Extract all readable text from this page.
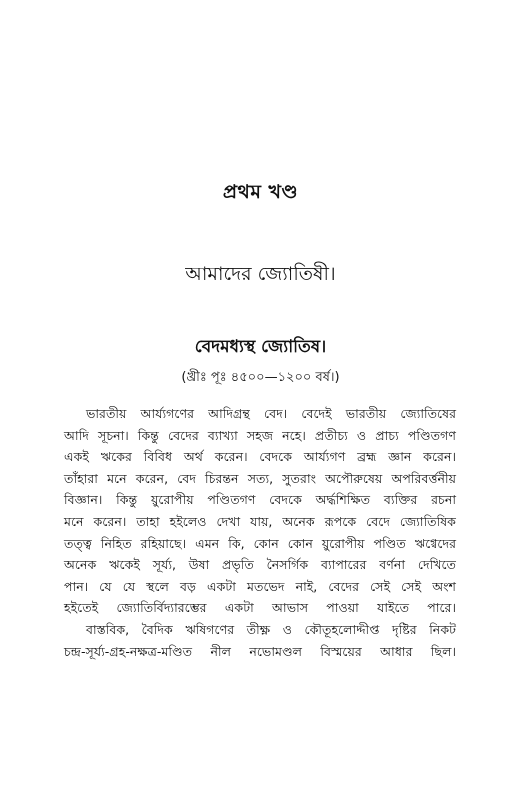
প্রথম খণ্ড
আমাদের জ্যোতিষী।
বেদমধ্যস্থ জ্যোতিষ।
(খ্রীঃ পূঃ ৪৫০০—১২০০ বর্ষ।)
ভারতীয় আর্য্যগণের আদিগ্রন্থ বেদ। বেদেই ভারতীয় জ্যোতিষের
আদি সূচনা। কিন্তু বেদের ব্যাখ্যা সহজ নহে। প্রতীচ্য ও প্রাচ্য পণ্ডিতগণ
একই ঋকের বিবিধ অর্থ করেন। বেদকে আর্য্যগণ ব্রহ্ম জ্ঞান করেন।
তাঁহারা মনে করেন, বেদ চিরন্তন সত্য, সুতরাং অপৌরুষেয় অপরিবর্ত্তনীয়
বিজ্ঞান। কিন্তু য়ুরোপীয় পণ্ডিতগণ বেদকে অর্দ্ধশিক্ষিত ব্যক্তির রচনা
মনে করেন। তাহা হইলেও দেখা যায়, অনেক রূপকে বেদে জ্যোতিষিক
তত্ত্ব নিহিত রহিয়াছে। এমন কি, কোন কোন য়ুরোপীয় পণ্ডিত ঋগ্বেদের
অনেক ঋকেই সূর্য্য, উষা প্রভৃতি নৈসর্গিক ব্যাপারের বর্ণনা দেখিতে
পান। যে যে স্থলে বড় একটা মতভেদ নাই, বেদের সেই সেই অংশ
হইতেই জ্যোতির্বিদ্যারম্ভের একটা আভাস পাওয়া যাইতে পারে।
বাস্তবিক, বৈদিক ঋষিগণের তীক্ষ্ণ ও কৌতূহলোদ্দীপ্ত দৃষ্টির নিকট
চন্দ্র-সূর্য্য-গ্রহ-নক্ষত্র-মণ্ডিত নীল নভোমণ্ডল বিস্ময়ের আধার ছিল।
